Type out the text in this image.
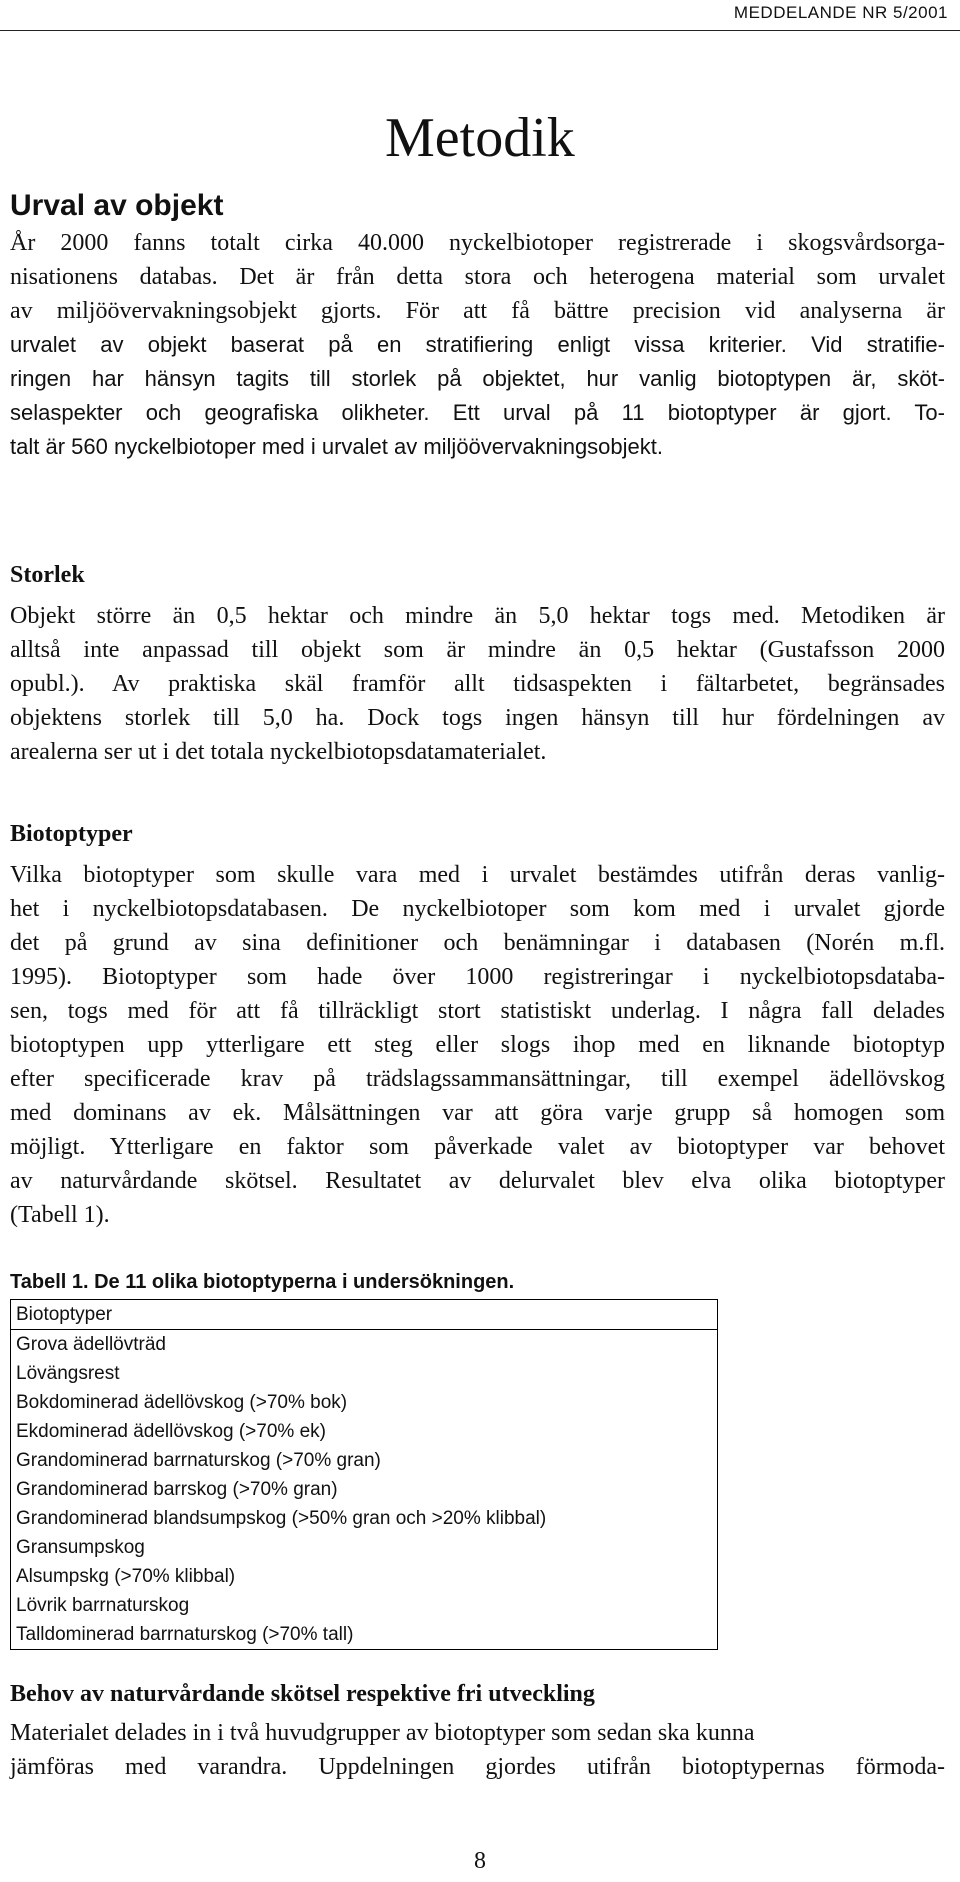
MEDDELANDE NR 5/2001
Metodik
Urval av objekt
År 2000 fanns totalt cirka 40.000 nyckelbiotoper registrerade i skogsvårdsorga-
nisationens databas. Det är från detta stora och heterogena material som urvalet
av miljöövervakningsobjekt gjorts. För att få bättre precision vid analyserna är
urvalet av objekt baserat på en stratifiering enligt vissa kriterier. Vid stratifie-
ringen har hänsyn tagits till storlek på objektet, hur vanlig biotoptypen är, sköt-
selaspekter och geografiska olikheter. Ett urval på 11 biotoptyper är gjort. To-
talt är 560 nyckelbiotoper med i urvalet av miljöövervakningsobjekt.
Storlek
Objekt större än 0,5 hektar och mindre än 5,0 hektar togs med. Metodiken är
alltså inte anpassad till objekt som är mindre än 0,5 hektar (Gustafsson 2000
opubl.). Av praktiska skäl framför allt tidsaspekten i fältarbetet, begränsades
objektens storlek till 5,0 ha. Dock togs ingen hänsyn till hur fördelningen av
arealerna ser ut i det totala nyckelbiotopsdatamaterialet.
Biotoptyper
Vilka biotoptyper som skulle vara med i urvalet bestämdes utifrån deras vanlig-
het i nyckelbiotopsdatabasen. De nyckelbiotoper som kom med i urvalet gjorde
det på grund av sina definitioner och benämningar i databasen (Norén m.fl.
1995). Biotoptyper som hade över 1000 registreringar i nyckelbiotopsdataba-
sen, togs med för att få tillräckligt stort statistiskt underlag. I några fall delades
biotoptypen upp ytterligare ett steg eller slogs ihop med en liknande biotoptyp
efter specificerade krav på trädslagssammansättningar, till exempel ädellövskog
med dominans av ek. Målsättningen var att göra varje grupp så homogen som
möjligt. Ytterligare en faktor som påverkade valet av biotoptyper var behovet
av naturvårdande skötsel. Resultatet av delurvalet blev elva olika biotoptyper
(Tabell 1).
Tabell 1. De 11 olika biotoptyperna i undersökningen.
Biotoptyper
Grova ädellövträd
Lövängsrest
Bokdominerad ädellövskog (>70% bok)
Ekdominerad ädellövskog (>70% ek)
Grandominerad barrnaturskog (>70% gran)
Grandominerad barrskog (>70% gran)
Grandominerad blandsumpskog (>50% gran och >20% klibbal)
Gransumpskog
Alsumpskg (>70% klibbal)
Lövrik barrnaturskog
Talldominerad barrnaturskog (>70% tall)
Behov av naturvårdande skötsel respektive fri utveckling
Materialet delades in i två huvudgrupper av biotoptyper som sedan ska kunna
jämföras med varandra. Uppdelningen gjordes utifrån biotoptypernas förmoda-
8
